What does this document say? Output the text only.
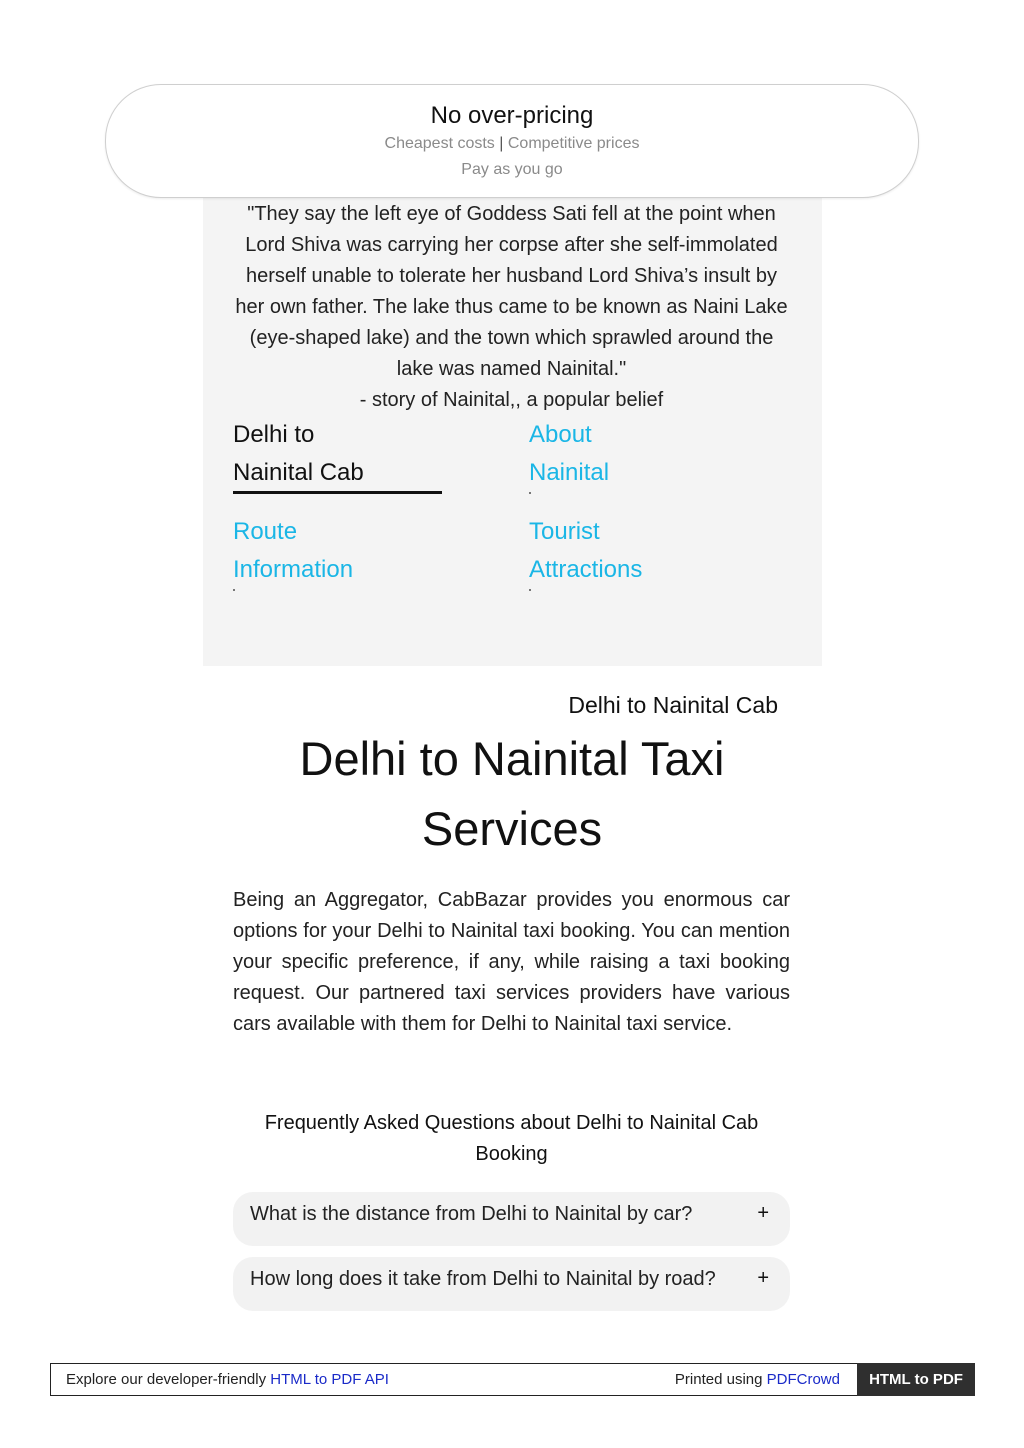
No over-pricing
Cheapest costs | Competitive prices
Pay as you go
"They say the left eye of Goddess Sati fell at the point when Lord Shiva was carrying her corpse after she self-immolated herself unable to tolerate her husband Lord Shiva’s insult by her own father. The lake thus came to be known as Naini Lake (eye-shaped lake) and the town which sprawled around the lake was named Nainital."
- story of Nainital,, a popular belief
Delhi to
Nainital Cab
About
Nainital
Route
Information
Tourist
Attractions
Delhi to Nainital Cab
Delhi to Nainital Taxi
Services
Being an Aggregator, CabBazar provides you enormous car options for your Delhi to Nainital taxi booking. You can mention your specific preference, if any, while raising a taxi booking request. Our partnered taxi services providers have various cars available with them for Delhi to Nainital taxi service.
Frequently Asked Questions about Delhi to Nainital Cab
Booking
What is the distance from Delhi to Nainital by car?	+
How long does it take from Delhi to Nainital by road? +
Explore our developer-friendly HTML to PDF API	Printed using PDFCrowd	HTML to PDF
